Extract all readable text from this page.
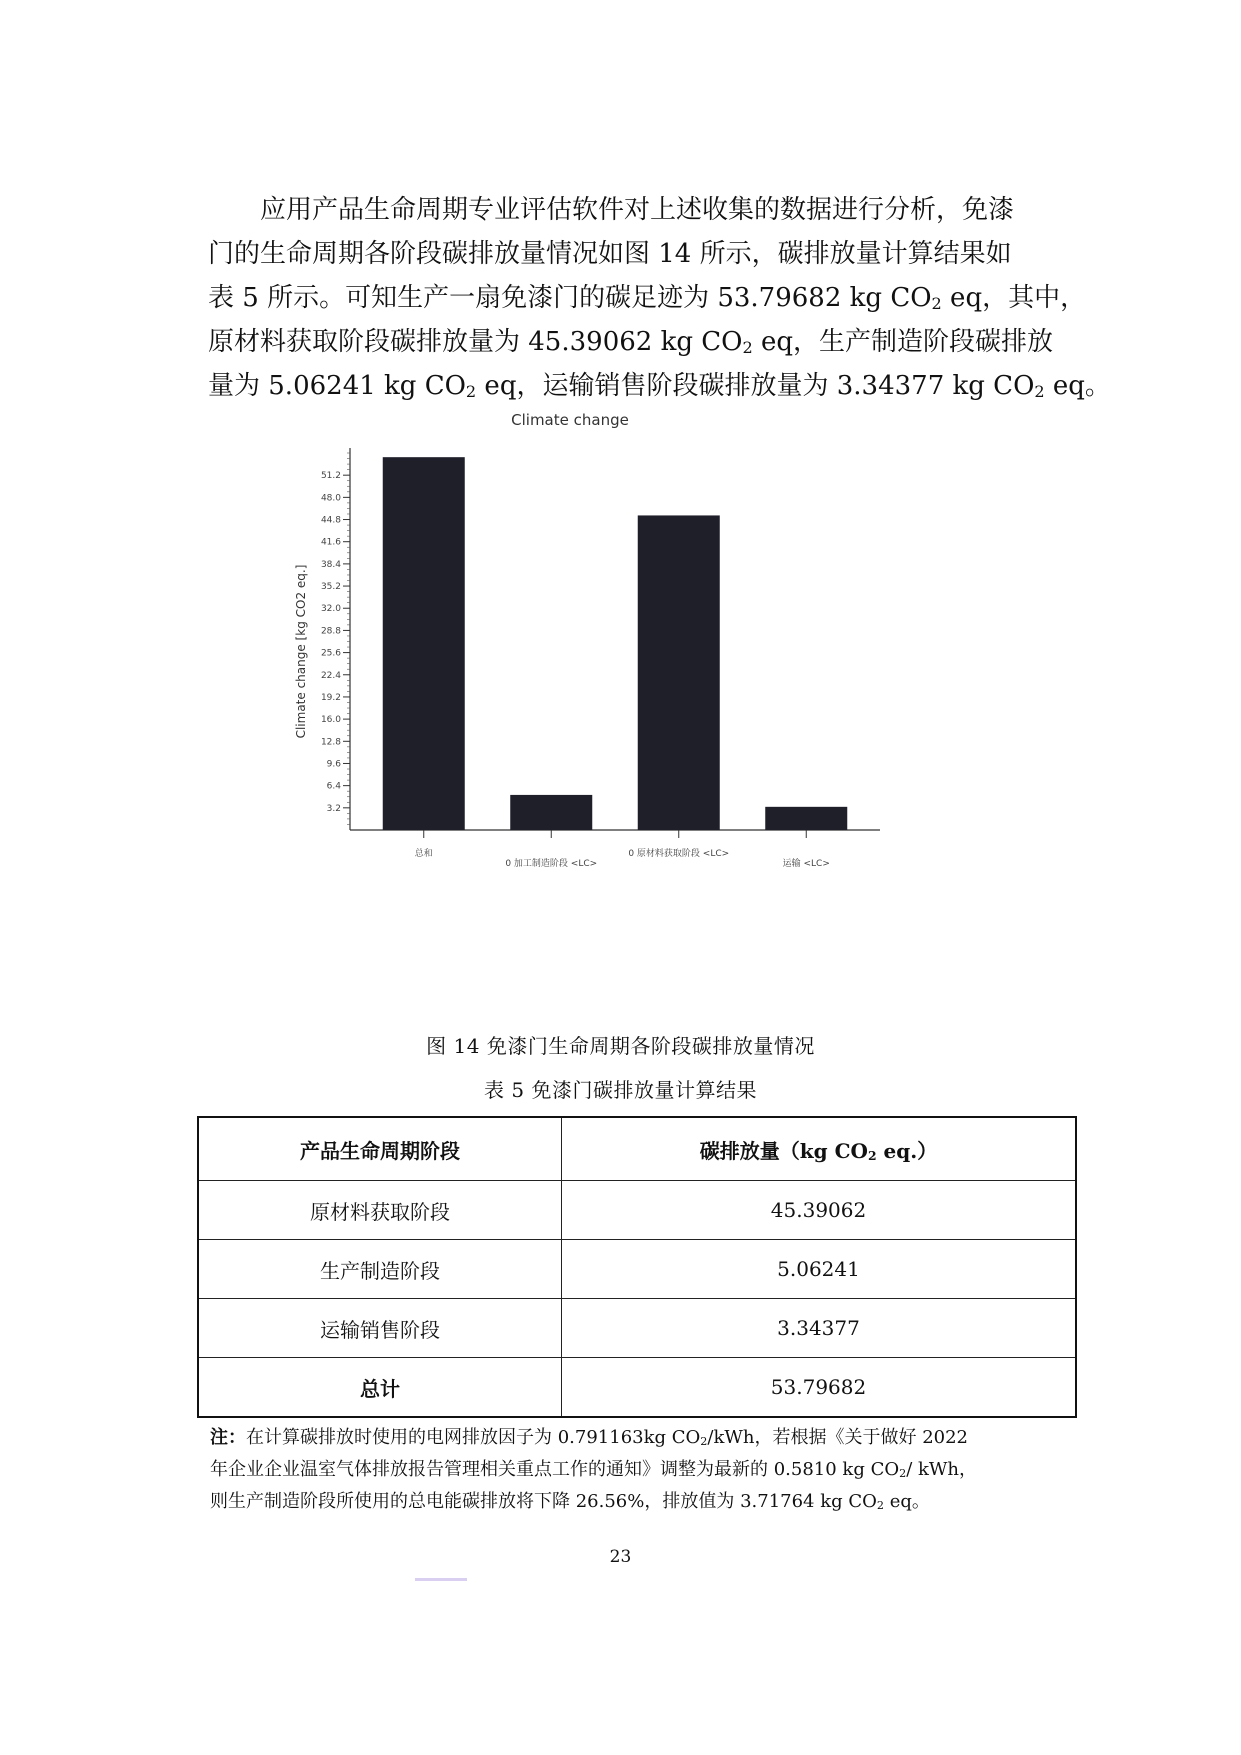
应用产品生命周期专业评估软件对上述收集的数据进行分析，免漆
门的生命周期各阶段碳排放量情况如图 14 所示，碳排放量计算结果如
表 5 所示。可知生产一扇免漆门的碳足迹为 53.79682 kg $CO_2$ eq，其中，
原材料获取阶段碳排放量为 45.39062 kg $CO_2$ eq，生产制造阶段碳排放
量为 5.06241 kg $CO_2$ eq，运输销售阶段碳排放量为 3.34377 kg $CO_2$ eq。
Climate change
Climate change [kg CO2 eq.]
3.2
6.4
9.6
12.8
16.0
19.2
22.4
25.6
28.8
32.0
35.2
38.4
41.6
44.8
48.0
51.2
总和
0 加工制造阶段 <LC>
0 原材料获取阶段 <LC>
运输 <LC>
图 14 免漆门生命周期各阶段碳排放量情况
表 5 免漆门碳排放量计算结果
产品生命周期阶段	碳排放量（kg $CO_2$ eq.）
原材料获取阶段	45.39062
生产制造阶段	5.06241
运输销售阶段	3.34377
总计	53.79682
注：在计算碳排放时使用的电网排放因子为 0.791163kg $CO_2$/kWh，若根据《关于做好 2022
年企业企业温室气体排放报告管理相关重点工作的通知》调整为最新的 0.5810 kg $CO_2/$ kWh，
则生产制造阶段所使用的总电能碳排放将下降 26.56%，排放值为 3.71764 kg $CO_2$ eq。
23
